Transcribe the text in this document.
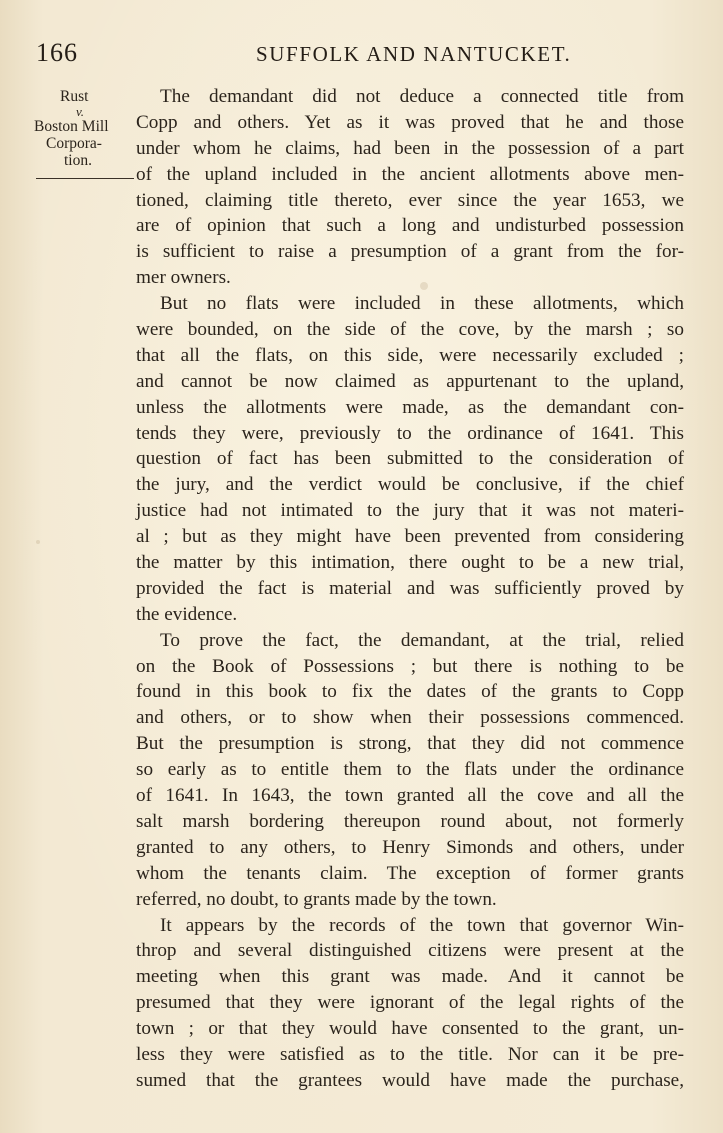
166	SUFFOLK AND NANTUCKET.
Rust
v.
Boston Mill
Corpora-
tion.
The demandant did not deduce a connected title from
Copp and others. Yet as it was proved that he and those
under whom he claims, had been in the possession of a part
of the upland included in the ancient allotments above men-
tioned, claiming title thereto, ever since the year 1653, we
are of opinion that such a long and undisturbed possession
is sufficient to raise a presumption of a grant from the for-
mer owners.
But no flats were included in these allotments, which
were bounded, on the side of the cove, by the marsh ; so
that all the flats, on this side, were necessarily excluded ;
and cannot be now claimed as appurtenant to the upland,
unless the allotments were made, as the demandant con-
tends they were, previously to the ordinance of 1641. This
question of fact has been submitted to the consideration of
the jury, and the verdict would be conclusive, if the chief
justice had not intimated to the jury that it was not materi-
al ; but as they might have been prevented from considering
the matter by this intimation, there ought to be a new trial,
provided the fact is material and was sufficiently proved by
the evidence.
To prove the fact, the demandant, at the trial, relied
on the Book of Possessions ; but there is nothing to be
found in this book to fix the dates of the grants to Copp
and others, or to show when their possessions commenced.
But the presumption is strong, that they did not commence
so early as to entitle them to the flats under the ordinance
of 1641. In 1643, the town granted all the cove and all the
salt marsh bordering thereupon round about, not formerly
granted to any others, to Henry Simonds and others, under
whom the tenants claim. The exception of former grants
referred, no doubt, to grants made by the town.
It appears by the records of the town that governor Win-
throp and several distinguished citizens were present at the
meeting when this grant was made. And it cannot be
presumed that they were ignorant of the legal rights of the
town ; or that they would have consented to the grant, un-
less they were satisfied as to the title. Nor can it be pre-
sumed that the grantees would have made the purchase,
